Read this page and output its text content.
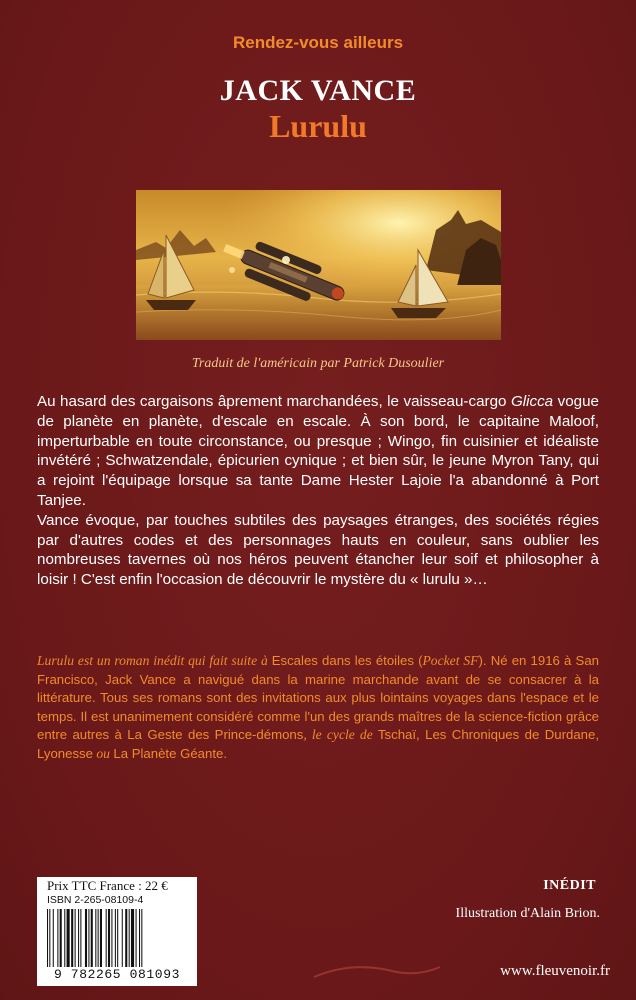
Rendez-vous ailleurs
JACK VANCE
Lurulu
Traduit de l'américain par Patrick Dusoulier

Au hasard des cargaisons âprement marchandées, le vaisseau-cargo Glicca vogue de planète en planète, d'escale en escale. À son bord, le capitaine Maloof, imperturbable en toute circonstance, ou presque ; Wingo, fin cuisinier et idéaliste invétéré ; Schwatzendale, épicurien cynique ; et bien sûr, le jeune Myron Tany, qui a rejoint l'équipage lorsque sa tante Dame Hester Lajoie l'a abandonné à Port Tanjee.

Vance évoque, par touches subtiles des paysages étranges, des sociétés régies par d'autres codes et des personnages hauts en couleur, sans oublier les nombreuses tavernes où nos héros peuvent étancher leur soif et philosopher à loisir ! C'est enfin l'occasion de découvrir le mystère du « lurulu »…

Lurulu est un roman inédit qui fait suite à Escales dans les étoiles (Pocket SF). Né en 1916 à San Francisco, Jack Vance a navigué dans la marine marchande avant de se consacrer à la littérature. Tous ses romans sont des invitations aux plus lointains voyages dans l'espace et le temps. Il est unanimement considéré comme l'un des grands maîtres de la science-fiction grâce entre autres à La Geste des Prince-démons, le cycle de Tschaï, Les Chroniques de Durdane, Lyonesse ou La Planète Géante.
Prix TTC France : 22 €
ISBN 2-265-08109-4
9 782265 081093
INÉDIT
Illustration d'Alain Brion.
www.fleuvenoir.fr
